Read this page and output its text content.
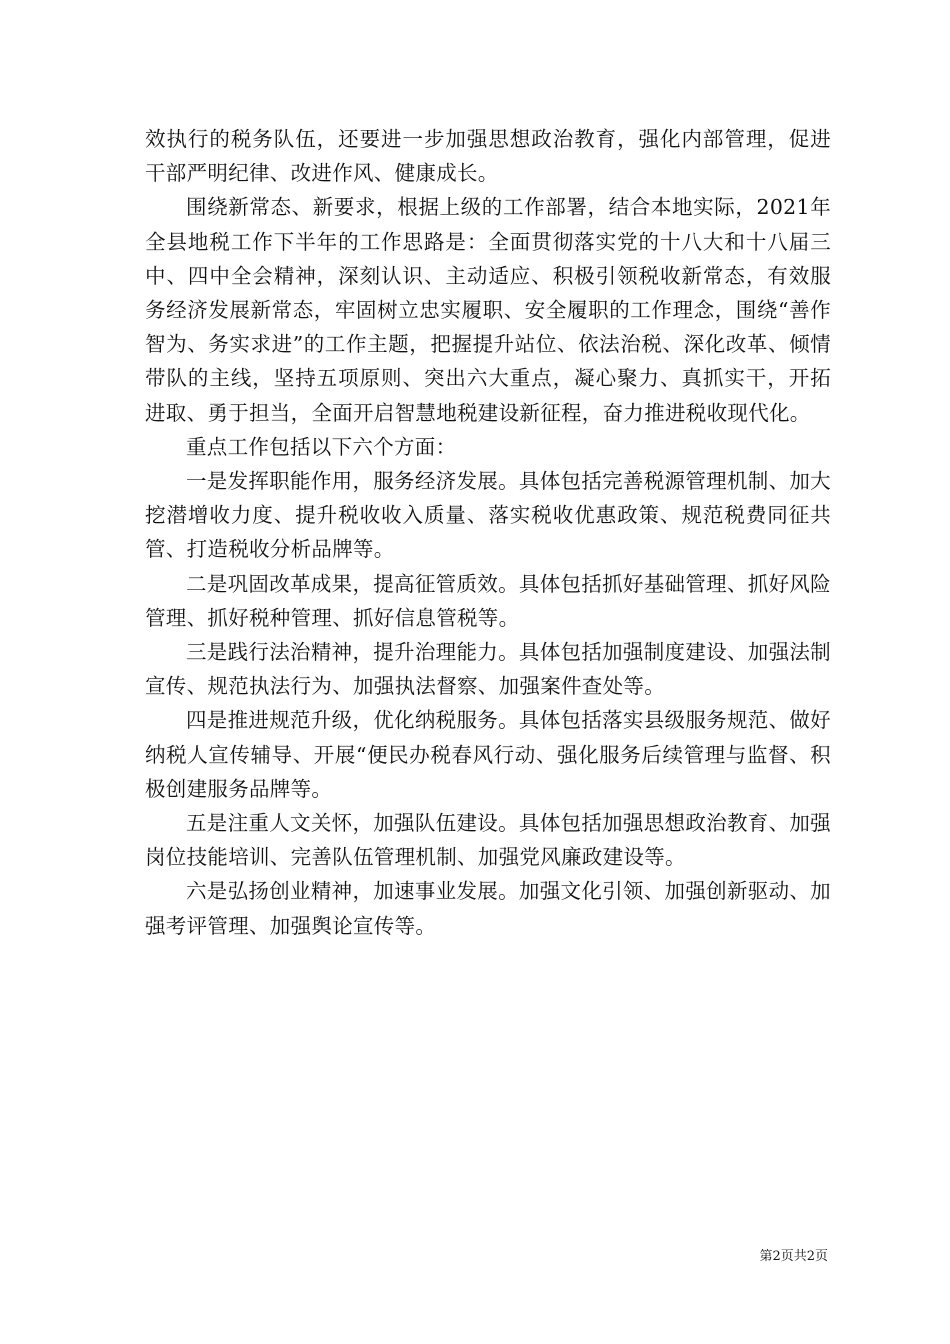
效执行的税务队伍，还要进一步加强思想政治教育，强化内部管理，促进干部严明纪律、改进作风、健康成长。

围绕新常态、新要求，根据上级的工作部署，结合本地实际，2021年全县地税工作下半年的工作思路是：全面贯彻落实党的十八大和十八届三中、四中全会精神，深刻认识、主动适应、积极引领税收新常态，有效服务经济发展新常态，牢固树立忠实履职、安全履职的工作理念，围绕“善作智为、务实求进”的工作主题，把握提升站位、依法治税、深化改革、倾情带队的主线，坚持五项原则、突出六大重点，凝心聚力、真抓实干，开拓进取、勇于担当，全面开启智慧地税建设新征程，奋力推进税收现代化。

重点工作包括以下六个方面：

一是发挥职能作用，服务经济发展。具体包括完善税源管理机制、加大挖潜增收力度、提升税收收入质量、落实税收优惠政策、规范税费同征共管、打造税收分析品牌等。

二是巩固改革成果，提高征管质效。具体包括抓好基础管理、抓好风险管理、抓好税种管理、抓好信息管税等。

三是践行法治精神，提升治理能力。具体包括加强制度建设、加强法制宣传、规范执法行为、加强执法督察、加强案件查处等。

四是推进规范升级，优化纳税服务。具体包括落实县级服务规范、做好纳税人宣传辅导、开展“便民办税春风行动、强化服务后续管理与监督、积极创建服务品牌等。

五是注重人文关怀，加强队伍建设。具体包括加强思想政治教育、加强岗位技能培训、完善队伍管理机制、加强党风廉政建设等。

六是弘扬创业精神，加速事业发展。加强文化引领、加强创新驱动、加强考评管理、加强舆论宣传等。

第2页共2页
